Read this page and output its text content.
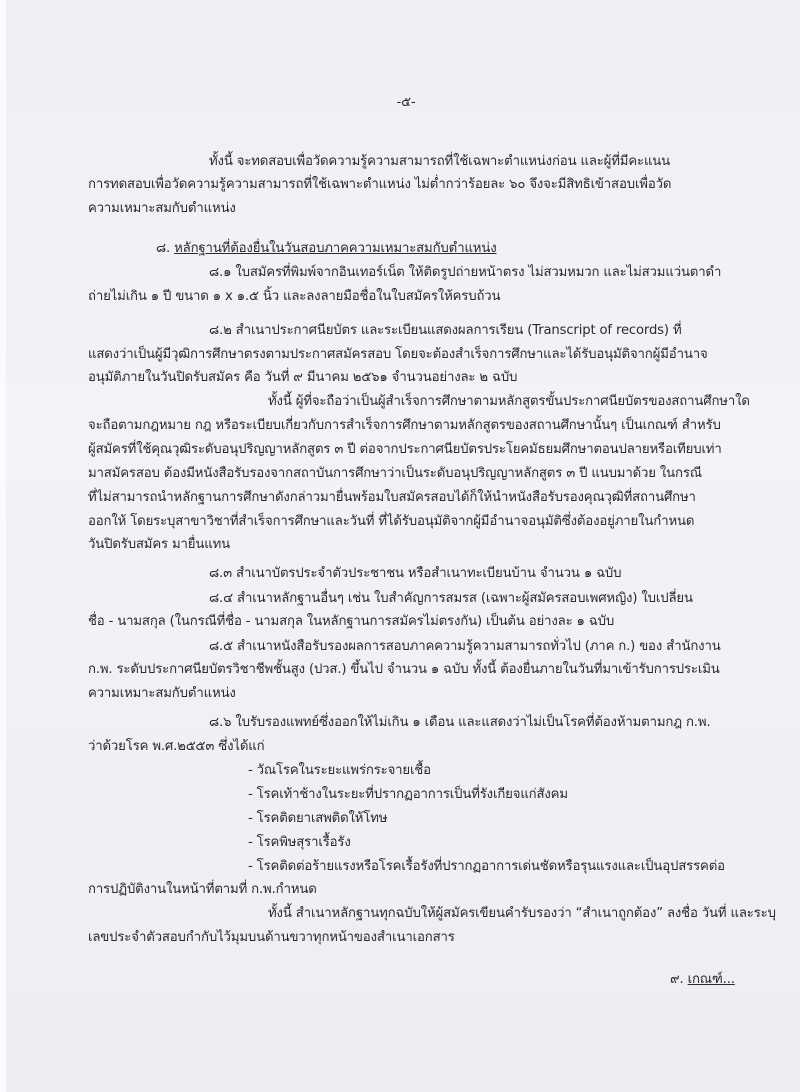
-๕-
ทั้งนี้ จะทดสอบเพื่อวัดความรู้ความสามารถที่ใช้เฉพาะตำแหน่งก่อน และผู้ที่มีคะแนน
การทดสอบเพื่อวัดความรู้ความสามารถที่ใช้เฉพาะตำแหน่ง ไม่ต่ำกว่าร้อยละ ๖๐ จึงจะมีสิทธิเข้าสอบเพื่อวัด
ความเหมาะสมกับตำแหน่ง
๘. หลักฐานที่ต้องยื่นในวันสอบภาคความเหมาะสมกับตำแหน่ง
๘.๑ ใบสมัครที่พิมพ์จากอินเทอร์เน็ต ให้ติดรูปถ่ายหน้าตรง ไม่สวมหมวก และไม่สวมแว่นตาดำ
ถ่ายไม่เกิน ๑ ปี ขนาด ๑ x ๑.๕ นิ้ว และลงลายมือชื่อในใบสมัครให้ครบถ้วน
๘.๒ สำเนาประกาศนียบัตร และระเบียนแสดงผลการเรียน (Transcript of records) ที่
แสดงว่าเป็นผู้มีวุฒิการศึกษาตรงตามประกาศสมัครสอบ โดยจะต้องสำเร็จการศึกษาและได้รับอนุมัติจากผู้มีอำนาจ
อนุมัติภายในวันปิดรับสมัคร คือ วันที่ ๙ มีนาคม ๒๕๖๑ จำนวนอย่างละ ๒ ฉบับ
ทั้งนี้ ผู้ที่จะถือว่าเป็นผู้สำเร็จการศึกษาตามหลักสูตรขั้นประกาศนียบัตรของสถานศึกษาใด
จะถือตามกฎหมาย กฎ หรือระเบียบเกี่ยวกับการสำเร็จการศึกษาตามหลักสูตรของสถานศึกษานั้นๆ เป็นเกณฑ์ สำหรับ
ผู้สมัครที่ใช้คุณวุฒิระดับอนุปริญญาหลักสูตร ๓ ปี ต่อจากประกาศนียบัตรประโยคมัธยมศึกษาตอนปลายหรือเทียบเท่า
มาสมัครสอบ ต้องมีหนังสือรับรองจากสถาบันการศึกษาว่าเป็นระดับอนุปริญญาหลักสูตร ๓ ปี แนบมาด้วย ในกรณี
ที่ไม่สามารถนำหลักฐานการศึกษาดังกล่าวมายื่นพร้อมใบสมัครสอบได้ก็ให้นำหนังสือรับรองคุณวุฒิที่สถานศึกษา
ออกให้ โดยระบุสาขาวิชาที่สำเร็จการศึกษาและวันที่ ที่ได้รับอนุมัติจากผู้มีอำนาจอนุมัติซึ่งต้องอยู่ภายในกำหนด
วันปิดรับสมัคร มายื่นแทน
๘.๓ สำเนาบัตรประจำตัวประชาชน หรือสำเนาทะเบียนบ้าน จำนวน ๑ ฉบับ
๘.๔ สำเนาหลักฐานอื่นๆ เช่น ใบสำคัญการสมรส (เฉพาะผู้สมัครสอบเพศหญิง) ใบเปลี่ยน
ชื่อ - นามสกุล (ในกรณีที่ชื่อ - นามสกุล ในหลักฐานการสมัครไม่ตรงกัน) เป็นต้น อย่างละ ๑ ฉบับ
๘.๕ สำเนาหนังสือรับรองผลการสอบภาคความรู้ความสามารถทั่วไป (ภาค ก.) ของ สำนักงาน
ก.พ. ระดับประกาศนียบัตรวิชาชีพชั้นสูง (ปวส.) ขึ้นไป จำนวน ๑ ฉบับ ทั้งนี้ ต้องยื่นภายในวันที่มาเข้ารับการประเมิน
ความเหมาะสมกับตำแหน่ง
๘.๖ ใบรับรองแพทย์ซึ่งออกให้ไม่เกิน ๑ เดือน และแสดงว่าไม่เป็นโรคที่ต้องห้ามตามกฎ ก.พ.
ว่าด้วยโรค พ.ศ.๒๕๕๓ ซึ่งได้แก่
- วัณโรคในระยะแพร่กระจายเชื้อ
- โรคเท้าช้างในระยะที่ปรากฏอาการเป็นที่รังเกียจแก่สังคม
- โรคติดยาเสพติดให้โทษ
- โรคพิษสุราเรื้อรัง
- โรคติดต่อร้ายแรงหรือโรคเรื้อรังที่ปรากฏอาการเด่นชัดหรือรุนแรงและเป็นอุปสรรคต่อ
การปฏิบัติงานในหน้าที่ตามที่ ก.พ.กำหนด
ทั้งนี้ สำเนาหลักฐานทุกฉบับให้ผู้สมัครเขียนคำรับรองว่า “สำเนาถูกต้อง” ลงชื่อ วันที่ และระบุ
เลขประจำตัวสอบกำกับไว้มุมบนด้านขวาทุกหน้าของสำเนาเอกสาร
๙. เกณฑ์...
